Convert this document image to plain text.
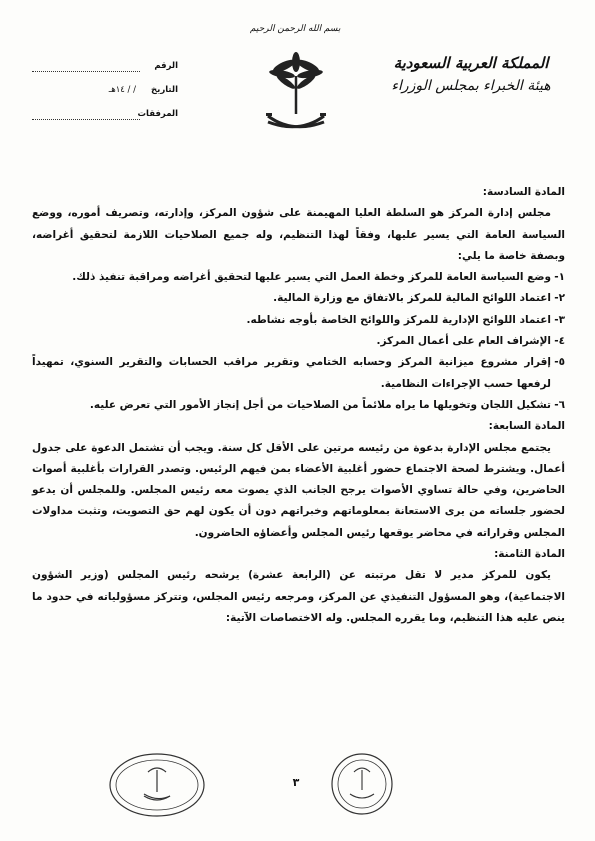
بسم الله الرحمن الرحيم
المملكة العربية السعودية
هيئة الخبراء بمجلس الوزراء
الرقم
التاريخ
/ / ١٤هـ
المرفقات

المادة السادسة:

مجلس إدارة المركز هو السلطة العليا المهيمنة على شؤون المركز، وإدارته، وتصريف أموره، ووضع السياسة العامة التي يسير عليها، وفقاً لهذا التنظيم، وله جميع الصلاحيات اللازمة لتحقيق أغراضه، وبصفة خاصة ما يلي:

١-
وضع السياسة العامة للمركز وخطة العمل التي يسير عليها لتحقيق أغراضه ومراقبة تنفيذ ذلك.
٢-
اعتماد اللوائح المالية للمركز بالاتفاق مع وزارة المالية.
٣-
اعتماد اللوائح الإدارية للمركز واللوائح الخاصة بأوجه نشاطه.
٤-
الإشراف العام على أعمال المركز.
٥-
إقرار مشروع ميزانية المركز وحسابه الختامي وتقرير مراقب الحسابات والتقرير السنوي، تمهيداً لرفعها حسب الإجراءات النظامية.
٦-
تشكيل اللجان وتخويلها ما يراه ملائماً من الصلاحيات من أجل إنجاز الأمور التي تعرض عليه.

المادة السابعة:

يجتمع مجلس الإدارة بدعوة من رئيسه مرتين على الأقل كل سنة. ويجب أن تشتمل الدعوة على جدول أعمال. ويشترط لصحة الاجتماع حضور أغلبية الأعضاء بمن فيهم الرئيس. وتصدر القرارات بأغلبية أصوات الحاضرين، وفي حالة تساوي الأصوات يرجح الجانب الذي يصوت معه رئيس المجلس. وللمجلس أن يدعو لحضور جلساته من يرى الاستعانة بمعلوماتهم وخبراتهم دون أن يكون لهم حق التصويت، وتثبت مداولات المجلس وقراراته في محاضر يوقعها رئيس المجلس وأعضاؤه الحاضرون.

المادة الثامنة:

يكون للمركز مدير لا تقل مرتبته عن (الرابعة عشرة) يرشحه رئيس المجلس (وزير الشؤون الاجتماعية)، وهو المسؤول التنفيذي عن المركز، ومرجعه رئيس المجلس، وتتركز مسؤولياته في حدود ما ينص عليه هذا التنظيم، وما يقرره المجلس. وله الاختصاصات الآتية:

٣
